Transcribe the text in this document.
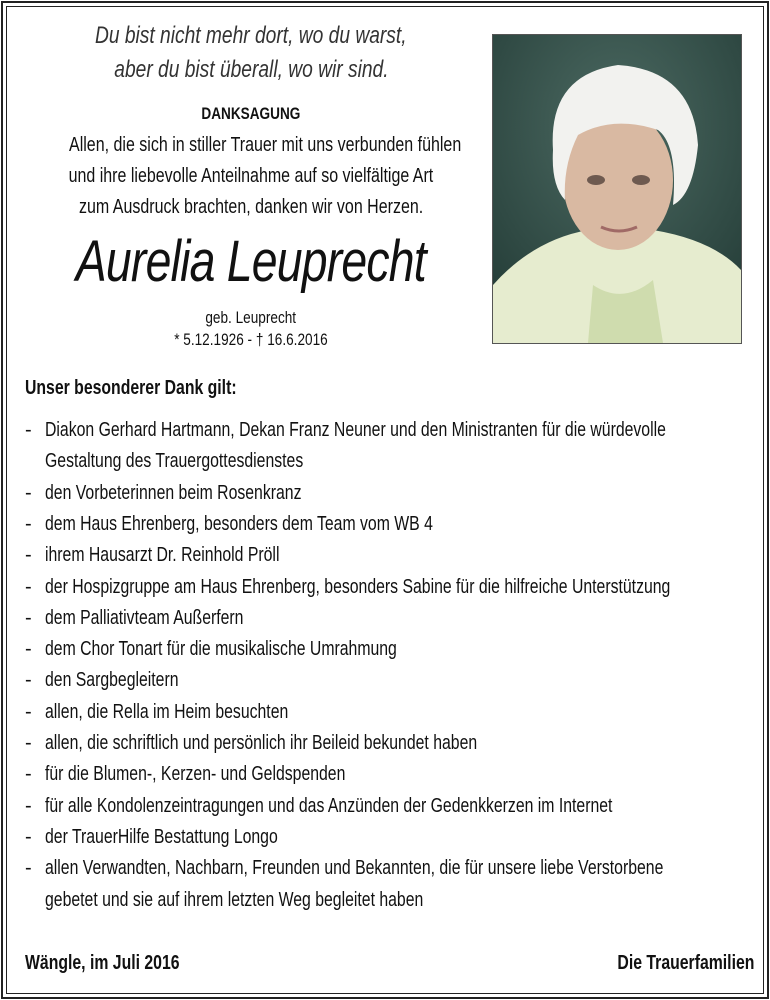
Du bist nicht mehr dort, wo du warst,
aber du bist überall, wo wir sind.
DANKSAGUNG
Allen, die sich in stiller Trauer mit uns verbunden fühlen
und ihre liebevolle Anteilnahme auf so vielfältige Art
zum Ausdruck brachten, danken wir von Herzen.
Aurelia Leuprecht
geb. Leuprecht
* 5.12.1926 - † 16.6.2016
Unser besonderer Dank gilt:
- Diakon Gerhard Hartmann, Dekan Franz Neuner und den Ministranten für die würdevolle
Gestaltung des Trauergottesdienstes
- den Vorbeterinnen beim Rosenkranz
- dem Haus Ehrenberg, besonders dem Team vom WB 4
- ihrem Hausarzt Dr. Reinhold Pröll
- der Hospizgruppe am Haus Ehrenberg, besonders Sabine für die hilfreiche Unterstützung
- dem Palliativteam Außerfern
- dem Chor Tonart für die musikalische Umrahmung
- den Sargbegleitern
- allen, die Rella im Heim besuchten
- allen, die schriftlich und persönlich ihr Beileid bekundet haben
- für die Blumen-, Kerzen- und Geldspenden
- für alle Kondolenzeintragungen und das Anzünden der Gedenkkerzen im Internet
- der TrauerHilfe Bestattung Longo
- allen Verwandten, Nachbarn, Freunden und Bekannten, die für unsere liebe Verstorbene
gebetet und sie auf ihrem letzten Weg begleitet haben
Wängle, im Juli 2016	Die Trauerfamilien
